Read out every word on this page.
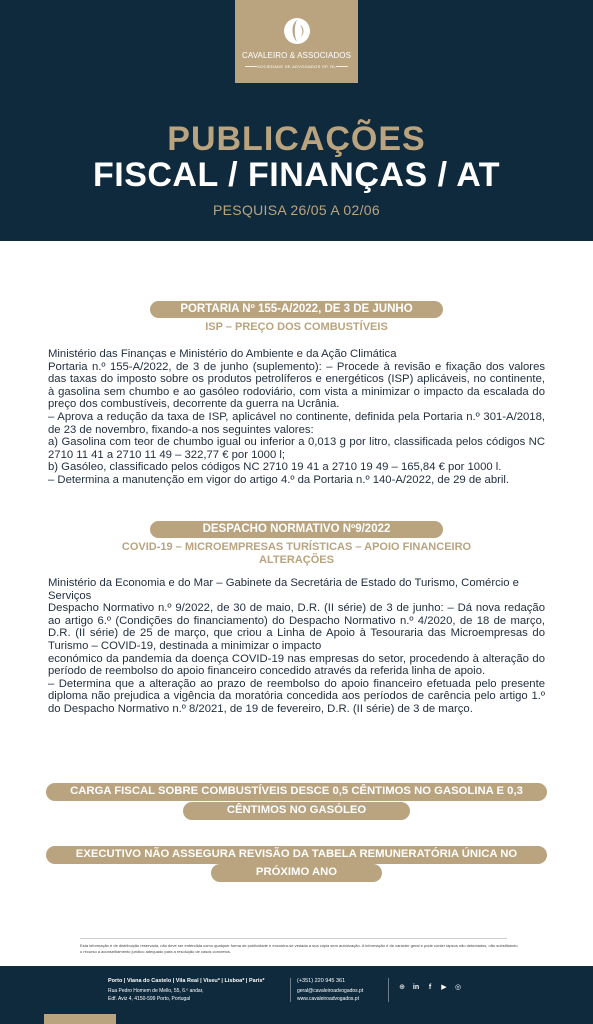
CAVALEIRO & ASSOCIADOS
SOCIEDADE DE ADVOGADOS SP, RL
PUBLICAÇÕES
FISCAL / FINANÇAS / AT
PESQUISA 26/05 A 02/06
PORTARIA Nº 155-A/2022, DE 3 DE JUNHO
ISP – PREÇO DOS COMBUSTÍVEIS

Ministério das Finanças e Ministério do Ambiente e da Ação Climática

Portaria n.º 155-A/2022, de 3 de junho (suplemento): – Procede à revisão e fixação dos valores das taxas do imposto sobre os produtos petrolíferos e energéticos (ISP) aplicáveis, no continente, à gasolina sem chumbo e ao gasóleo rodoviário, com vista a minimizar o impacto da escalada do preço dos combustíveis, decorrente da guerra na Ucrânia.

– Aprova a redução da taxa de ISP, aplicável no continente, definida pela Portaria n.º 301-A/2018, de 23 de novembro, fixando-a nos seguintes valores:

a) Gasolina com teor de chumbo igual ou inferior a 0,013 g por litro, classificada pelos códigos NC 2710 11 41 a 2710 11 49 – 322,77 € por 1000 l;

b) Gasóleo, classificado pelos códigos NC 2710 19 41 a 2710 19 49 – 165,84 € por 1000 l.

– Determina a manutenção em vigor do artigo 4.º da Portaria n.º 140-A/2022, de 29 de abril.

DESPACHO NORMATIVO Nº9/2022
COVID-19 – MICROEMPRESAS TURÍSTICAS – APOIO FINANCEIRO
ALTERAÇÕES

Ministério da Economia e do Mar – Gabinete da Secretária de Estado do Turismo, Comércio e Serviços

Despacho Normativo n.º 9/2022, de 30 de maio, D.R. (II série) de 3 de junho: – Dá nova redação ao artigo 6.º (Condições do financiamento) do Despacho Normativo n.º 4/2020, de 18 de março, D.R. (II série) de 25 de março, que criou a Linha de Apoio à Tesouraria das Microempresas do Turismo – COVID-19, destinada a minimizar o impacto

económico da pandemia da doença COVID-19 nas empresas do setor, procedendo à alteração do período de reembolso do apoio financeiro concedido através da referida linha de apoio.

– Determina que a alteração ao prazo de reembolso do apoio financeiro efetuada pelo presente diploma não prejudica a vigência da moratória concedida aos períodos de carência pelo artigo 1.º do Despacho Normativo n.º 8/2021, de 19 de fevereiro, D.R. (II série) de 3 de março.

CARGA FISCAL SOBRE COMBUSTÍVEIS DESCE 0,5 CÊNTIMOS NO GASOLINA E 0,3
CÊNTIMOS NO GASÓLEO
EXECUTIVO NÃO ASSEGURA REVISÃO DA TABELA REMUNERATÓRIA ÚNICA NO
PRÓXIMO ANO
Esta informação é de distribuição reservada, não deve ser entendida como qualquer forma de publicidade e encontra-se vedada a sua cópia sem autorização. A informação é de carácter geral e pode conter lapsos não detectados, não substituindo o recurso a aconselhamento jurídico adequado para a resolução de casos concretos.
Porto | Viana do Castelo | Vila Real | Viseu* | Lisboa* | Paris*
Rua Pedro Homem de Mello, 55, 6.º andar,
Edf. Aviz 4, 4150-599 Porto, Portugal
(+351) 220 945 361
geral@cavaleiroadvogados.pt
www.cavaleiroadvogados.pt
⊕ in	f	▶ ◎
